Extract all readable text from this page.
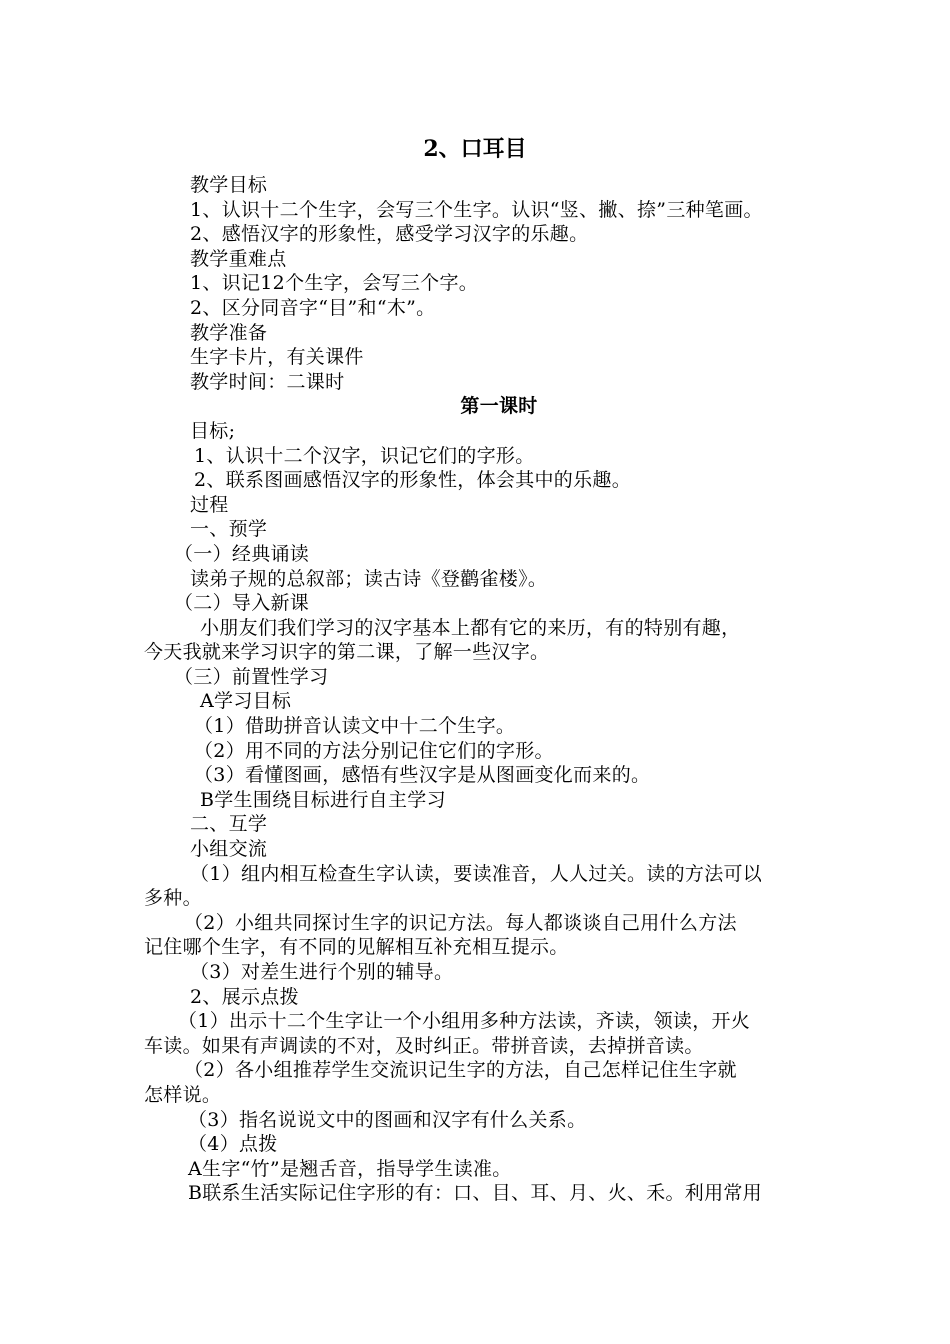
2、口耳目
教学目标
1、认识十二个生字，会写三个生字。认识“竖、撇、捺”三种笔画。
2、感悟汉字的形象性，感受学习汉字的乐趣。
教学重难点
1、识记12个生字，会写三个字。
2、区分同音字“目”和“木”。
教学准备
生字卡片，有关课件
教学时间：二课时
第一课时
目标;
1、认识十二个汉字，识记它们的字形。
2、联系图画感悟汉字的形象性，体会其中的乐趣。
过程
一、预学
（一）经典诵读
读弟子规的总叙部；读古诗《登鹳雀楼》。
（二）导入新课
小朋友们我们学习的汉字基本上都有它的来历，有的特别有趣，
今天我就来学习识字的第二课，了解一些汉字。
（三）前置性学习
A学习目标
（1）借助拼音认读文中十二个生字。
（2）用不同的方法分别记住它们的字形。
（3）看懂图画，感悟有些汉字是从图画变化而来的。
B学生围绕目标进行自主学习
二、互学
小组交流
（1）组内相互检查生字认读，要读准音，人人过关。读的方法可以
多种。
（2）小组共同探讨生字的识记方法。每人都谈谈自己用什么方法
记住哪个生字，有不同的见解相互补充相互提示。
（3）对差生进行个别的辅导。
2、展示点拨
（1）出示十二个生字让一个小组用多种方法读，齐读，领读，开火
车读。如果有声调读的不对，及时纠正。带拼音读，去掉拼音读。
（2）各小组推荐学生交流识记生字的方法，自己怎样记住生字就
怎样说。
（3）指名说说文中的图画和汉字有什么关系。
（4）点拨
A生字“竹”是翘舌音，指导学生读准。
B联系生活实际记住字形的有：口、目、耳、月、火、禾。利用常用
